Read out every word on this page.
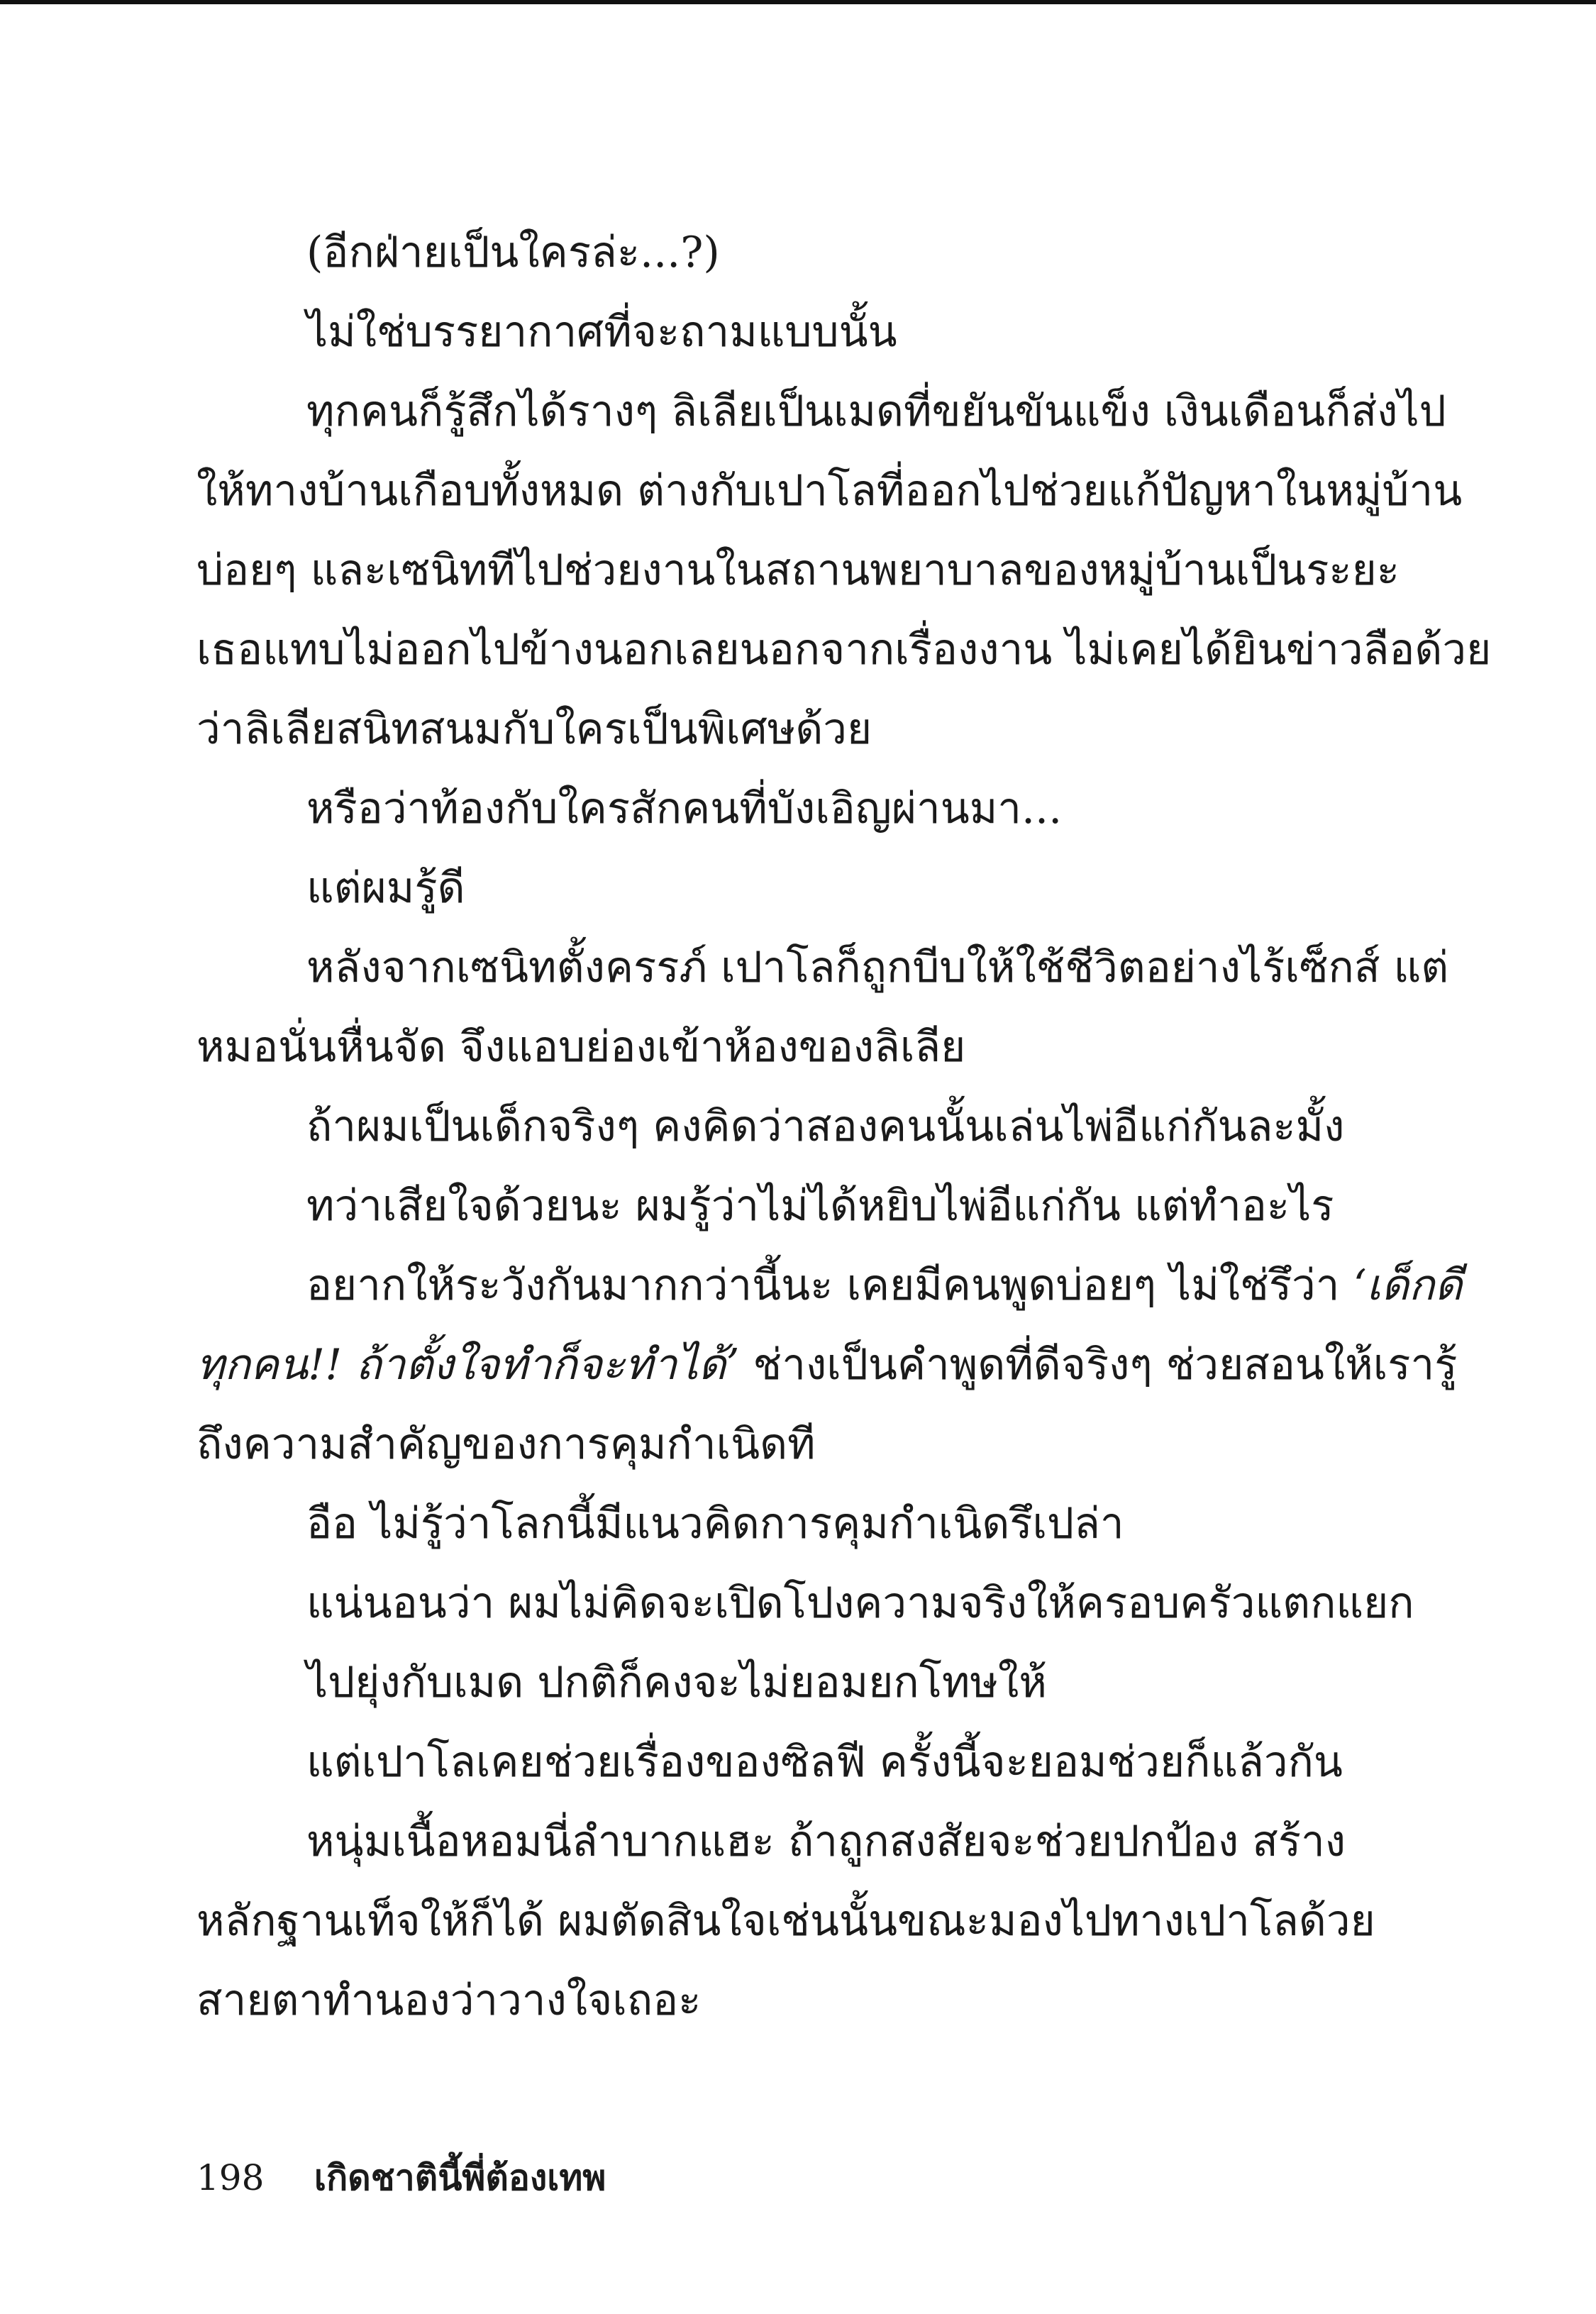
(อีกฝ่ายเป็นใครล่ะ...?)

ไม่ใช่บรรยากาศที่จะถามแบบนั้น

ทุกคนก็รู้สึกได้รางๆ ลิเลียเป็นเมดที่ขยันขันแข็ง เงินเดือนก็ส่งไป

ให้ทางบ้านเกือบทั้งหมด ต่างกับเปาโลที่ออกไปช่วยแก้ปัญหาในหมู่บ้าน

บ่อยๆ และเซนิททีไปช่วยงานในสถานพยาบาลของหมู่บ้านเป็นระยะ

เธอแทบไม่ออกไปข้างนอกเลยนอกจากเรื่องงาน ไม่เคยได้ยินข่าวลือด้วย

ว่าลิเลียสนิทสนมกับใครเป็นพิเศษด้วย

หรือว่าท้องกับใครสักคนที่บังเอิญผ่านมา...

แต่ผมรู้ดี

หลังจากเซนิทตั้งครรภ์ เปาโลก็ถูกบีบให้ใช้ชีวิตอย่างไร้เซ็กส์ แต่

หมอนั่นหื่นจัด จึงแอบย่องเข้าห้องของลิเลีย

ถ้าผมเป็นเด็กจริงๆ คงคิดว่าสองคนนั้นเล่นไพ่อีแก่กันละมั้ง

ทว่าเสียใจด้วยนะ ผมรู้ว่าไม่ได้หยิบไพ่อีแก่กัน แต่ทำอะไร

อยากให้ระวังกันมากกว่านี้นะ เคยมีคนพูดบ่อยๆ ไม่ใช่รึว่า ‘เด็กดี

ทุกคน!! ถ้าตั้งใจทำก็จะทำได้’ ช่างเป็นคำพูดที่ดีจริงๆ ช่วยสอนให้เรารู้

ถึงความสำคัญของการคุมกำเนิดที

อือ ไม่รู้ว่าโลกนี้มีแนวคิดการคุมกำเนิดรึเปล่า

แน่นอนว่า ผมไม่คิดจะเปิดโปงความจริงให้ครอบครัวแตกแยก

ไปยุ่งกับเมด ปกติก็คงจะไม่ยอมยกโทษให้

แต่เปาโลเคยช่วยเรื่องของซิลฟี ครั้งนี้จะยอมช่วยก็แล้วกัน

หนุ่มเนื้อหอมนี่ลำบากแฮะ ถ้าถูกสงสัยจะช่วยปกป้อง สร้าง

หลักฐานเท็จให้ก็ได้ ผมตัดสินใจเช่นนั้นขณะมองไปทางเปาโลด้วย

สายตาทำนองว่าวางใจเถอะ

198 เกิดชาตินี้พี่ต้องเทพ
